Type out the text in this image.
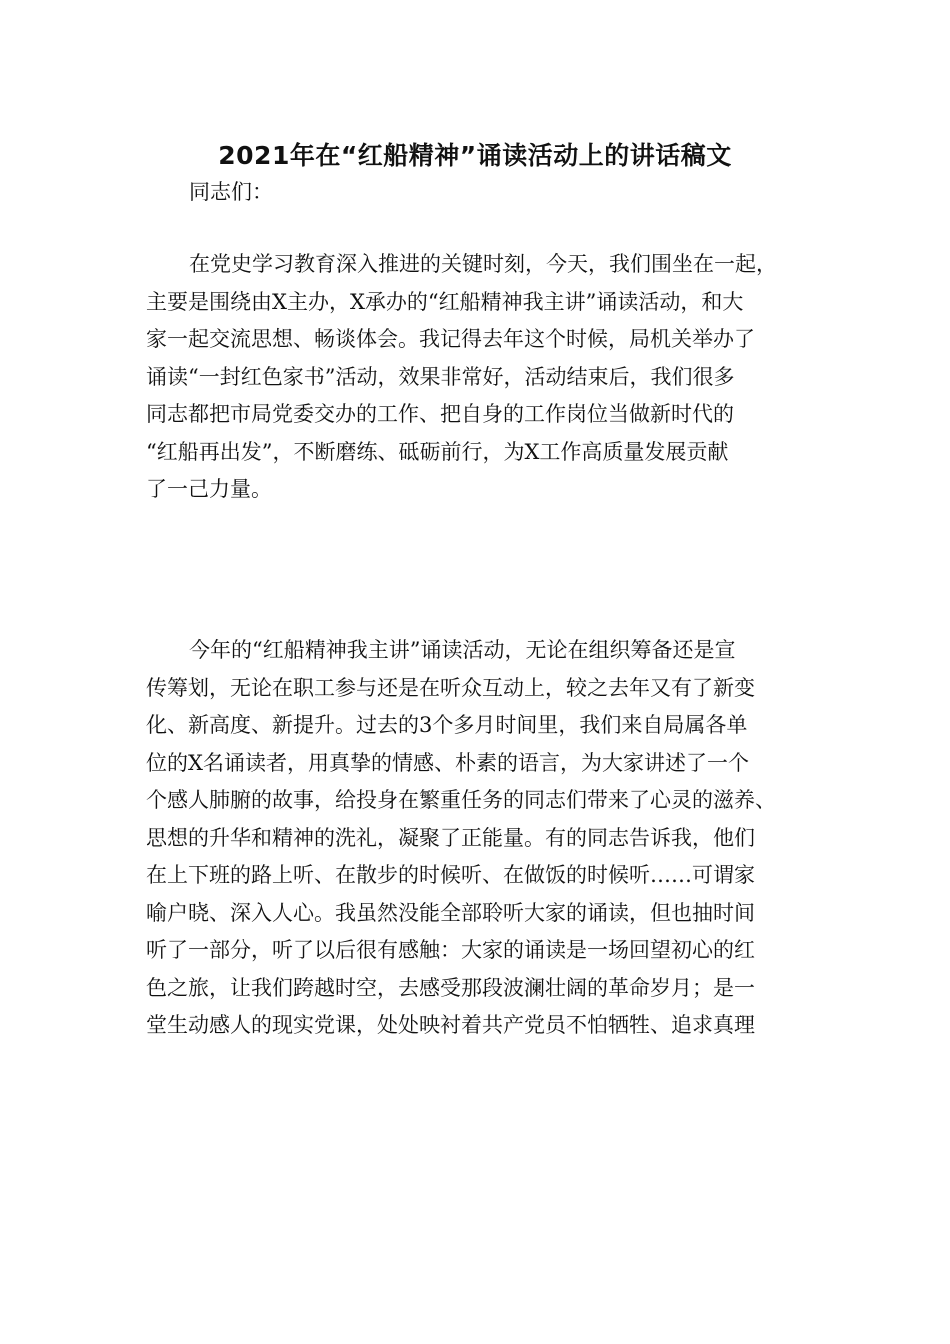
2021年在“红船精神”诵读活动上的讲话稿文

同志们：

在党史学习教育深入推进的关键时刻，今天，我们围坐在一起，
主要是围绕由X主办，X承办的“红船精神我主讲”诵读活动，和大
家一起交流思想、畅谈体会。我记得去年这个时候，局机关举办了
诵读“一封红色家书”活动，效果非常好，活动结束后，我们很多
同志都把市局党委交办的工作、把自身的工作岗位当做新时代的
“红船再出发”，不断磨练、砥砺前行，为X工作高质量发展贡献
了一己力量。
今年的“红船精神我主讲”诵读活动，无论在组织筹备还是宣
传筹划，无论在职工参与还是在听众互动上，较之去年又有了新变
化、新高度、新提升。过去的3个多月时间里，我们来自局属各单
位的X名诵读者，用真挚的情感、朴素的语言，为大家讲述了一个
个感人肺腑的故事，给投身在繁重任务的同志们带来了心灵的滋养、
思想的升华和精神的洗礼，凝聚了正能量。有的同志告诉我，他们
在上下班的路上听、在散步的时候听、在做饭的时候听……可谓家
喻户晓、深入人心。我虽然没能全部聆听大家的诵读，但也抽时间
听了一部分，听了以后很有感触：大家的诵读是一场回望初心的红
色之旅，让我们跨越时空，去感受那段波澜壮阔的革命岁月；是一
堂生动感人的现实党课，处处映衬着共产党员不怕牺牲、追求真理
